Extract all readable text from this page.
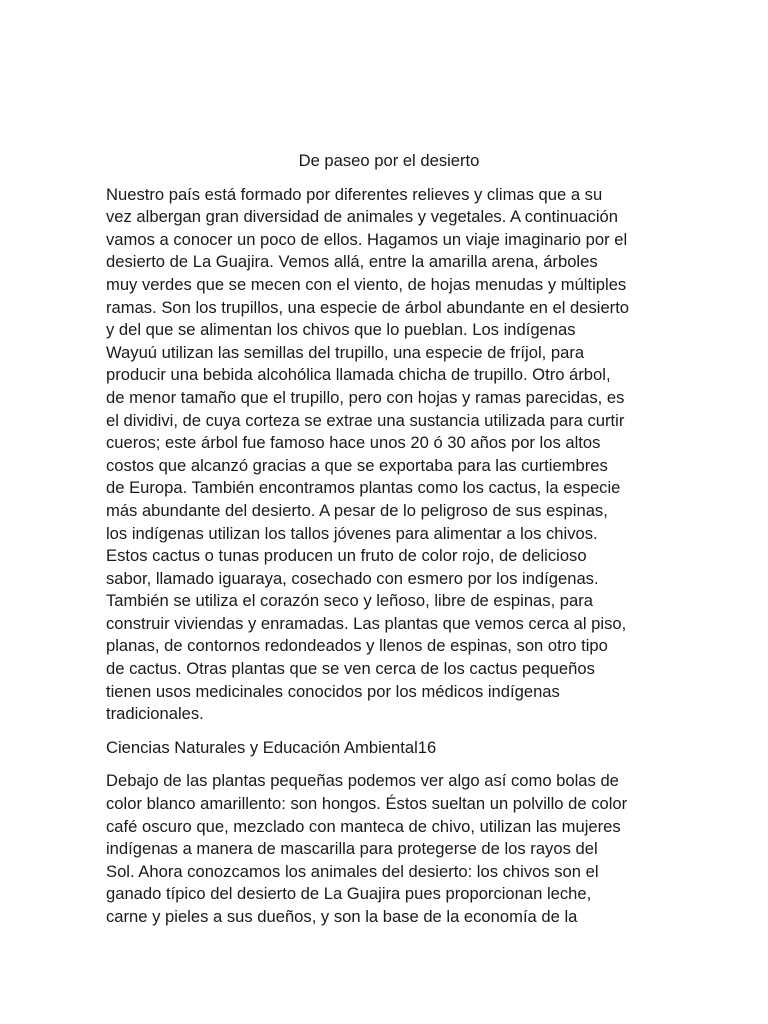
De paseo por el desierto
Nuestro país está formado por diferentes relieves y climas que a su
vez albergan gran diversidad de animales y vegetales. A continuación
vamos a conocer un poco de ellos. Hagamos un viaje imaginario por el
desierto de La Guajira. Vemos allá, entre la amarilla arena, árboles
muy verdes que se mecen con el viento, de hojas menudas y múltiples
ramas. Son los trupillos, una especie de árbol abundante en el desierto
y del que se alimentan los chivos que lo pueblan. Los indígenas
Wayuú utilizan las semillas del trupillo, una especie de fríjol, para
producir una bebida alcohólica llamada chicha de trupillo. Otro árbol,
de menor tamaño que el trupillo, pero con hojas y ramas parecidas, es
el dividivi, de cuya corteza se extrae una sustancia utilizada para curtir
cueros; este árbol fue famoso hace unos 20 ó 30 años por los altos
costos que alcanzó gracias a que se exportaba para las curtiembres
de Europa. También encontramos plantas como los cactus, la especie
más abundante del desierto. A pesar de lo peligroso de sus espinas,
los indígenas utilizan los tallos jóvenes para alimentar a los chivos.
Estos cactus o tunas producen un fruto de color rojo, de delicioso
sabor, llamado iguaraya, cosechado con esmero por los indígenas.
También se utiliza el corazón seco y leñoso, libre de espinas, para
construir viviendas y enramadas. Las plantas que vemos cerca al piso,
planas, de contornos redondeados y llenos de espinas, son otro tipo
de cactus. Otras plantas que se ven cerca de los cactus pequeños
tienen usos medicinales conocidos por los médicos indígenas
tradicionales.
Ciencias Naturales y Educación Ambiental16
Debajo de las plantas pequeñas podemos ver algo así como bolas de
color blanco amarillento: son hongos. Éstos sueltan un polvillo de color
café oscuro que, mezclado con manteca de chivo, utilizan las mujeres
indígenas a manera de mascarilla para protegerse de los rayos del
Sol. Ahora conozcamos los animales del desierto: los chivos son el
ganado típico del desierto de La Guajira pues proporcionan leche,
carne y pieles a sus dueños, y son la base de la economía de la
